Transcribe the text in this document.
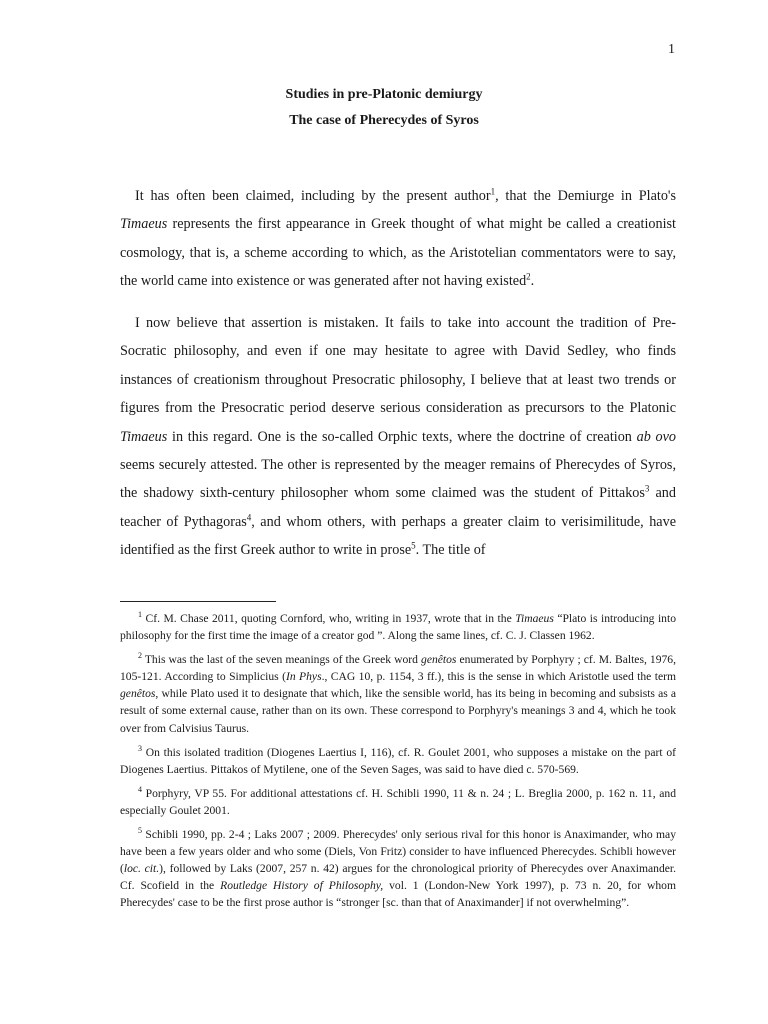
1
Studies in pre-Platonic demiurgy
The case of Pherecydes of Syros

It has often been claimed, including by the present author$^1$, that the Demiurge in Plato's Timaeus represents the first appearance in Greek thought of what might be called a creationist cosmology, that is, a scheme according to which, as the Aristotelian commentators were to say, the world came into existence or was generated after not having existed$^2$.

I now believe that assertion is mistaken. It fails to take into account the tradition of Pre-Socratic philosophy, and even if one may hesitate to agree with David Sedley, who finds instances of creationism throughout Presocratic philosophy, I believe that at least two trends or figures from the Presocratic period deserve serious consideration as precursors to the Platonic Timaeus in this regard. One is the so-called Orphic texts, where the doctrine of creation ab ovo seems securely attested. The other is represented by the meager remains of Pherecydes of Syros, the shadowy sixth-century philosopher whom some claimed was the student of Pittakos$^3$ and teacher of Pythagoras$^4$, and whom others, with perhaps a greater claim to verisimilitude, have identified as the first Greek author to write in prose$^5$. The title of

$^1$ Cf. M. Chase 2011, quoting Cornford, who, writing in 1937, wrote that in the Timaeus “Plato is introducing into philosophy for the first time the image of a creator god ”. Along the same lines, cf. C. J. Classen 1962.

$^2$ This was the last of the seven meanings of the Greek word genêtos enumerated by Porphyry ; cf. M. Baltes, 1976, 105-121. According to Simplicius (In Phys., CAG 10, p. 1154, 3 ff.), this is the sense in which Aristotle used the term genêtos, while Plato used it to designate that which, like the sensible world, has its being in becoming and subsists as a result of some external cause, rather than on its own. These correspond to Porphyry's meanings 3 and 4, which he took over from Calvisius Taurus.

$^3$ On this isolated tradition (Diogenes Laertius I, 116), cf. R. Goulet 2001, who supposes a mistake on the part of Diogenes Laertius. Pittakos of Mytilene, one of the Seven Sages, was said to have died c. 570-569.

$^4$ Porphyry, VP 55. For additional attestations cf. H. Schibli 1990, 11 & n. 24 ; L. Breglia 2000, p. 162 n. 11, and especially Goulet 2001.

$^5$ Schibli 1990, pp. 2-4 ; Laks 2007 ; 2009. Pherecydes' only serious rival for this honor is Anaximander, who may have been a few years older and who some (Diels, Von Fritz) consider to have influenced Pherecydes. Schibli however (loc. cit.), followed by Laks (2007, 257 n. 42) argues for the chronological priority of Pherecydes over Anaximander. Cf. Scofield in the Routledge History of Philosophy, vol. 1 (London-New York 1997), p. 73 n. 20, for whom Pherecydes' case to be the first prose author is “stronger [sc. than that of Anaximander] if not overwhelming”.
